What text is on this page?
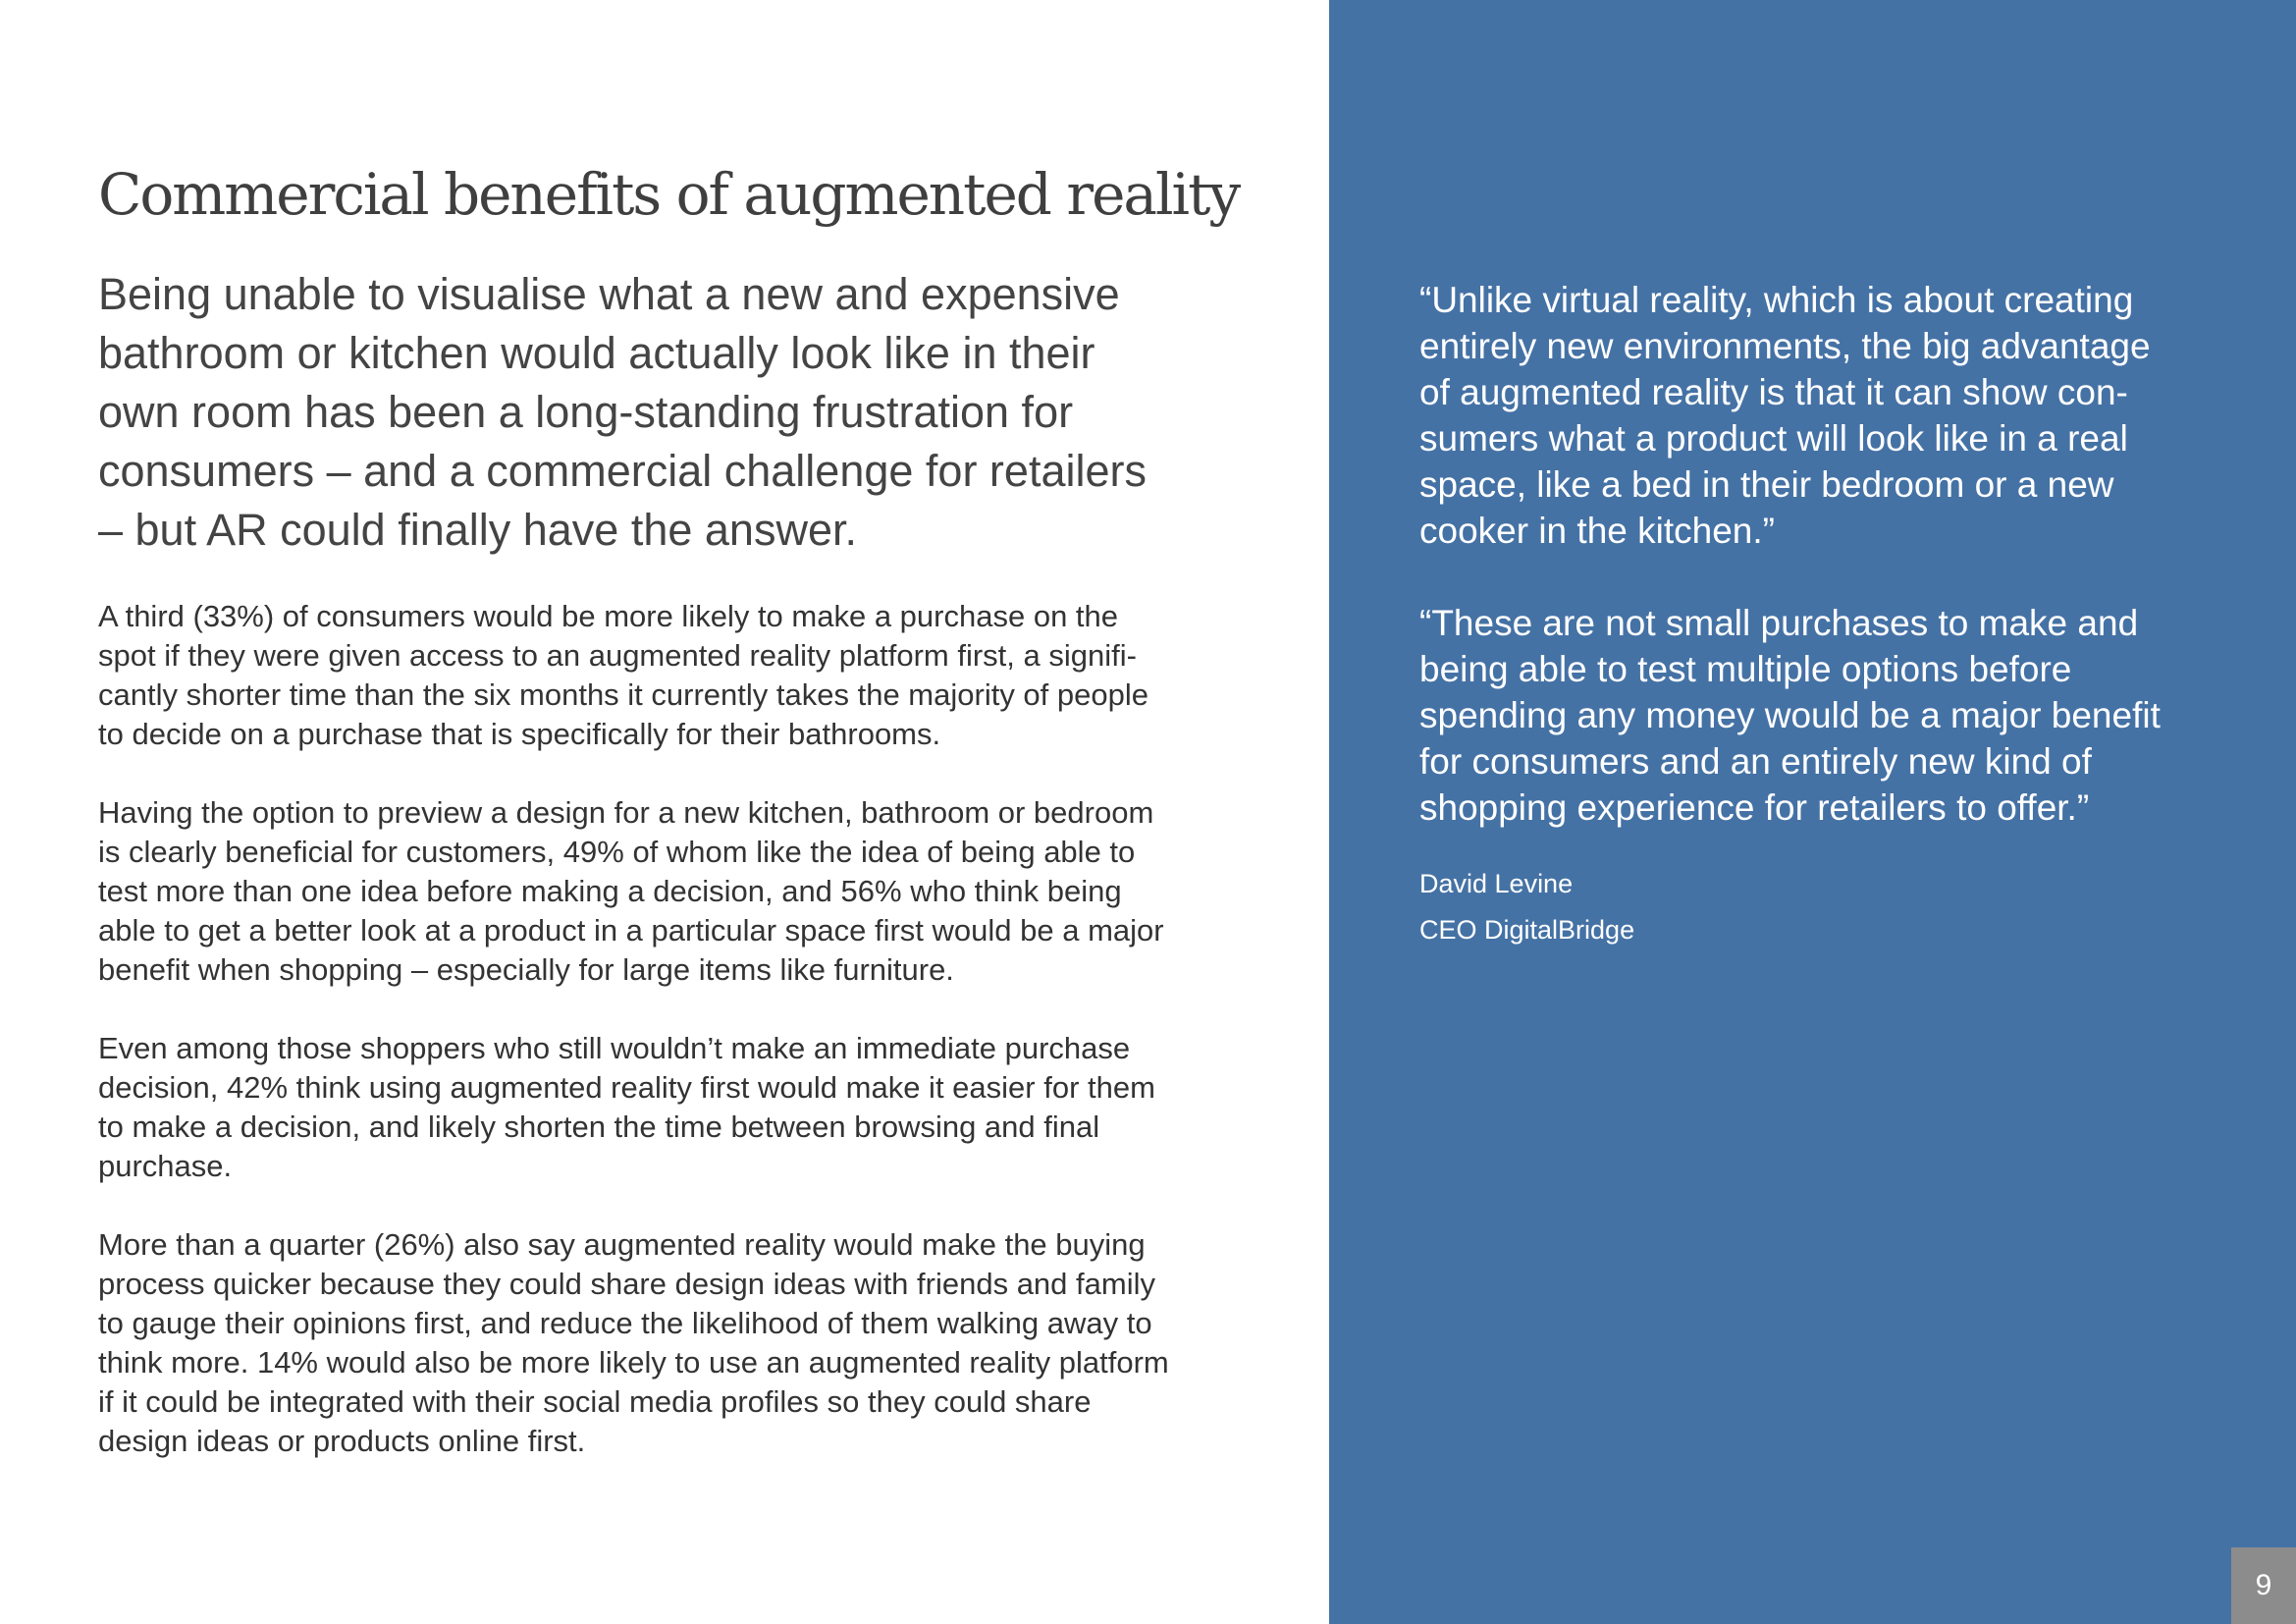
Commercial benefits of augmented reality

Being unable to visualise what a new and expensive
bathroom or kitchen would actually look like in their
own room has been a long-standing frustration for
consumers – and a commercial challenge for retailers
– but AR could finally have the answer.

A third (33%) of consumers would be more likely to make a purchase on the
spot if they were given access to an augmented reality platform first, a signifi-
cantly shorter time than the six months it currently takes the majority of people
to decide on a purchase that is specifically for their bathrooms.

Having the option to preview a design for a new kitchen, bathroom or bedroom
is clearly beneficial for customers, 49% of whom like the idea of being able to
test more than one idea before making a decision, and 56% who think being
able to get a better look at a product in a particular space first would be a major
benefit when shopping – especially for large items like furniture.

Even among those shoppers who still wouldn’t make an immediate purchase
decision, 42% think using augmented reality first would make it easier for them
to make a decision, and likely shorten the time between browsing and final
purchase.

More than a quarter (26%) also say augmented reality would make the buying
process quicker because they could share design ideas with friends and family
to gauge their opinions first, and reduce the likelihood of them walking away to
think more. 14% would also be more likely to use an augmented reality platform
if it could be integrated with their social media profiles so they could share
design ideas or products online first.

“Unlike virtual reality, which is about creating
entirely new environments, the big advantage
of augmented reality is that it can show con-
sumers what a product will look like in a real
space, like a bed in their bedroom or a new
cooker in the kitchen.”

“These are not small purchases to make and
being able to test multiple options before
spending any money would be a major benefit
for consumers and an entirely new kind of
shopping experience for retailers to offer.”

David Levine

CEO DigitalBridge

9
